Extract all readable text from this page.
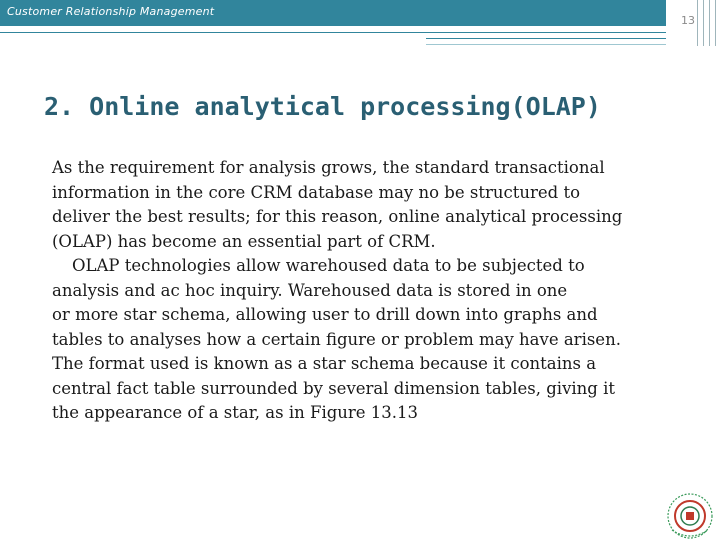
Customer Relationship Management
13
2. Online analytical processing(OLAP)
As the requirement for analysis grows, the standard transactional
information in the core CRM database may no be structured to
deliver the best results; for this reason, online analytical processing
(OLAP) has become an essential part of CRM.
OLAP technologies allow warehoused data to be subjected to
analysis and ac hoc inquiry. Warehoused data is stored in one
or more star schema, allowing user to drill down into graphs and
tables to analyses how a certain figure or problem may have arisen.
The format used is known as a star schema because it contains a
central fact table surrounded by several dimension tables, giving it
the appearance of a star, as in Figure 13.13
